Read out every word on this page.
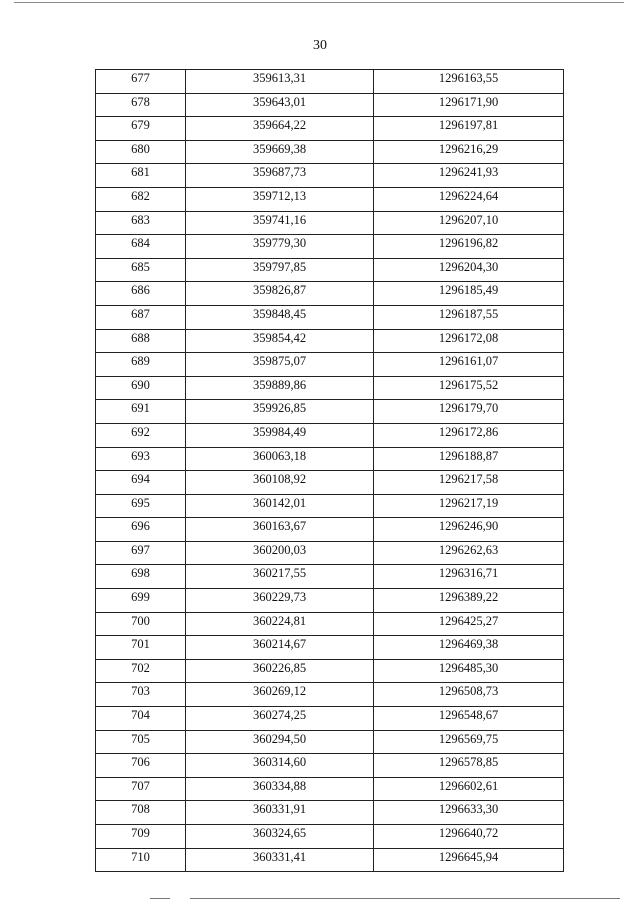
30
677	359613,31	1296163,55
678	359643,01	1296171,90
679	359664,22	1296197,81
680	359669,38	1296216,29
681	359687,73	1296241,93
682	359712,13	1296224,64
683	359741,16	1296207,10
684	359779,30	1296196,82
685	359797,85	1296204,30
686	359826,87	1296185,49
687	359848,45	1296187,55
688	359854,42	1296172,08
689	359875,07	1296161,07
690	359889,86	1296175,52
691	359926,85	1296179,70
692	359984,49	1296172,86
693	360063,18	1296188,87
694	360108,92	1296217,58
695	360142,01	1296217,19
696	360163,67	1296246,90
697	360200,03	1296262,63
698	360217,55	1296316,71
699	360229,73	1296389,22
700	360224,81	1296425,27
701	360214,67	1296469,38
702	360226,85	1296485,30
703	360269,12	1296508,73
704	360274,25	1296548,67
705	360294,50	1296569,75
706	360314,60	1296578,85
707	360334,88	1296602,61
708	360331,91	1296633,30
709	360324,65	1296640,72
710	360331,41	1296645,94
